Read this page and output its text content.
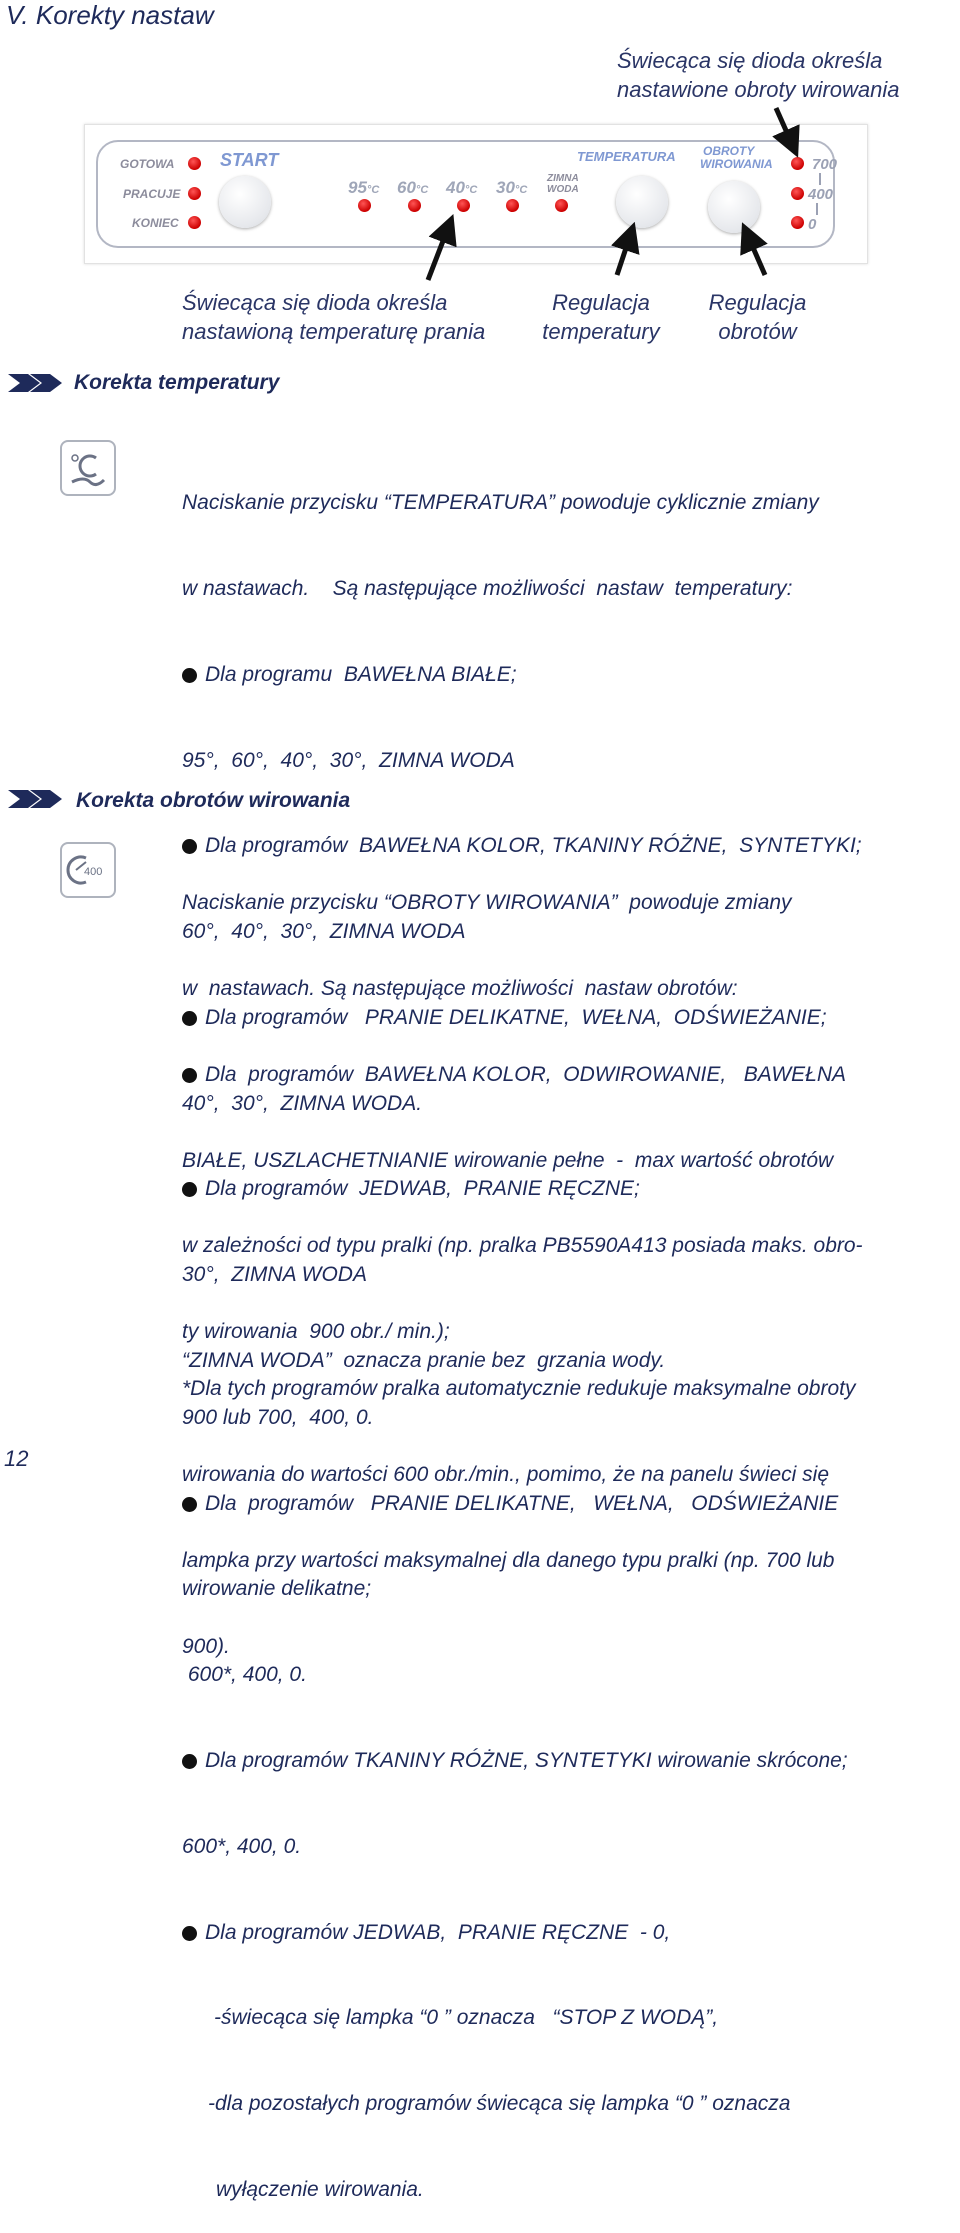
V. Korekty nastaw
Świecąca się dioda określa
nastawione obroty wirowania
GOTOWA
PRACUJE
KONIEC
START
95°C 60°C 40°C 30°C
ZIMNA
WODA
TEMPERATURA OBROTY
WIROWANIA	700
400
0
Świecąca się dioda określa
nastawioną temperaturę prania
Regulacja
temperatury
Regulacja
obrotów
Korekta temperatury

Naciskanie przycisku “TEMPERATURA” powoduje cyklicznie zmiany

w nastawach.    Są następujące możliwości  nastaw  temperatury:

Dla programu  BAWEŁNA BIAŁE;

95°,  60°,  40°,  30°,  ZIMNA WODA

Dla programów  BAWEŁNA KOLOR, TKANINY RÓŻNE,  SYNTETYKI;

60°,  40°,  30°,  ZIMNA WODA

Dla programów   PRANIE DELIKATNE,  WEŁNA,  ODŚWIEŻANIE;

40°,  30°,  ZIMNA WODA.

Dla programów  JEDWAB,  PRANIE RĘCZNE;

30°,  ZIMNA WODA

“ZIMNA WODA”  oznacza pranie bez  grzania wody.

Korekta obrotów wirowania
400

Naciskanie przycisku “OBROTY WIROWANIA”  powoduje zmiany

w  nastawach. Są następujące możliwości  nastaw obrotów:

Dla  programów  BAWEŁNA KOLOR,  ODWIROWANIE,   BAWEŁNA

BIAŁE, USZLACHETNIANIE wirowanie pełne  -  max wartość obrotów

w zależności od typu pralki (np. pralka PB5590A413 posiada maks. obro-

ty wirowania  900 obr./ min.);

900 lub 700,  400, 0.

Dla  programów   PRANIE DELIKATNE,   WEŁNA,   ODŚWIEŻANIE

wirowanie delikatne;

600*, 400, 0.

Dla programów TKANINY RÓŻNE, SYNTETYKI wirowanie skrócone;

600*, 400, 0.

Dla programów JEDWAB,  PRANIE RĘCZNE  - 0,

-świecąca się lampka “0 ” oznacza   “STOP Z WODĄ”,

-dla pozostałych programów świecąca się lampka “0 ” oznacza

wyłączenie wirowania.

*Dla tych programów pralka automatycznie redukuje maksymalne obroty

wirowania do wartości 600 obr./min., pomimo, że na panelu świeci się

lampka przy wartości maksymalnej dla danego typu pralki (np. 700 lub

900).

12
